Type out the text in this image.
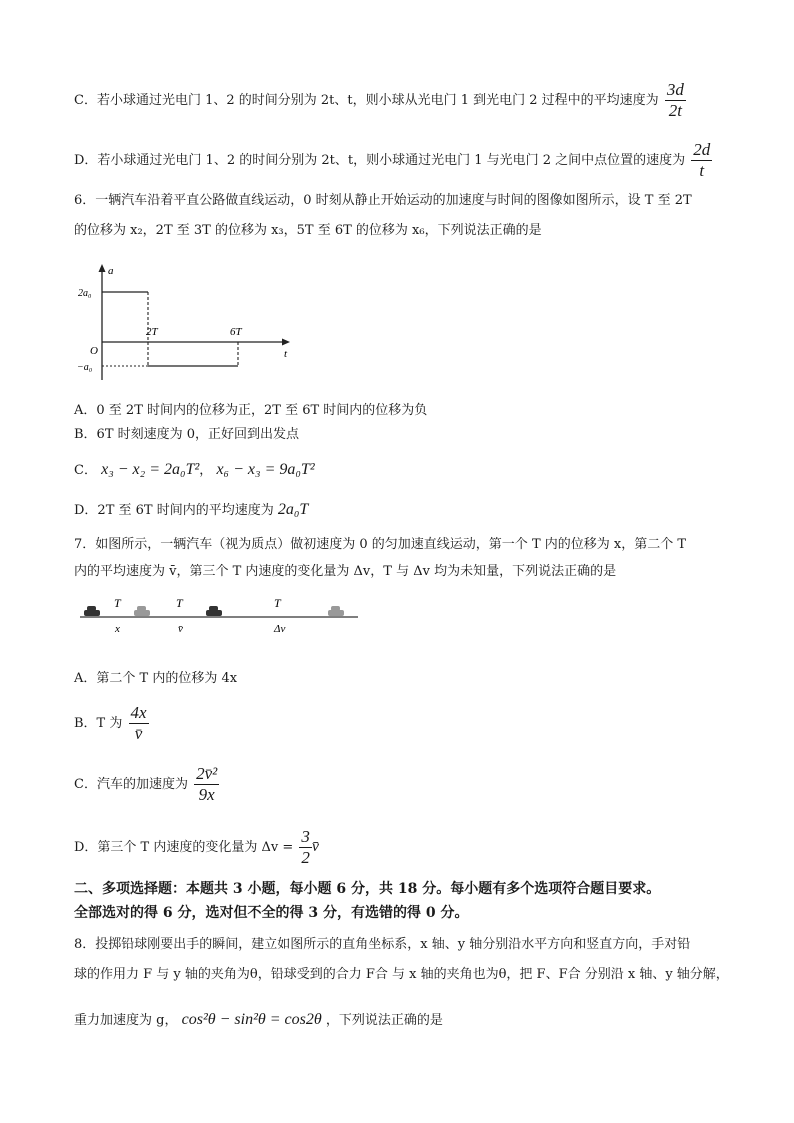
C．若小球通过光电门 1、2 的时间分别为 2t、t，则小球从光电门 1 到光电门 2 过程中的平均速度为 $\frac{3d}{2t}$
D．若小球通过光电门 1、2 的时间分别为 2t、t，则小球通过光电门 1 与光电门 2 之间中点位置的速度为 $\frac{2d}{t}$
6．一辆汽车沿着平直公路做直线运动，0 时刻从静止开始运动的加速度与时间的图像如图所示，设 T 至 2T
的位移为 x₂，2T 至 3T 的位移为 x₃，5T 至 6T 的位移为 x₆，下列说法正确的是
a
t
O
2a₀
−a₀
2T	6T
A．0 至 2T 时间内的位移为正，2T 至 6T 时间内的位移为负
B．6T 时刻速度为 0，正好回到出发点
C． x₃ − x₂ = 2a₀T²， x₆ − x₃ = 9a₀T²
D．2T 至 6T 时间内的平均速度为 2a₀T
7．如图所示，一辆汽车（视为质点）做初速度为 0 的匀加速直线运动，第一个 T 内的位移为 x，第二个 T
内的平均速度为 v̄，第三个 T 内速度的变化量为 Δv，T 与 Δv 均为未知量，下列说法正确的是
T	T	T
x	v̄	Δv
A．第二个 T 内的位移为 4x
B．T 为 $\frac{4x}{v̄}$
C．汽车的加速度为 $\frac{\text{2v̄²}}{9x}$
D．第三个 T 内速度的变化量为 $\Delta v = \frac{3}{2}$ v̄
二、多项选择题：本题共 3 小题，每小题 6 分，共 18 分。每小题有多个选项符合题目要求。
全部选对的得 6 分，选对但不全的得 3 分，有选错的得 0 分。
8．投掷铅球刚要出手的瞬间，建立如图所示的直角坐标系，x 轴、y 轴分别沿水平方向和竖直方向，手对铅
球的作用力 F 与 y 轴的夹角为θ，铅球受到的合力 F合 与 x 轴的夹角也为θ，把 F、F合 分别沿 x 轴、y 轴分解，
重力加速度为 g， cos²θ − sin²θ = cos2θ ，下列说法正确的是
